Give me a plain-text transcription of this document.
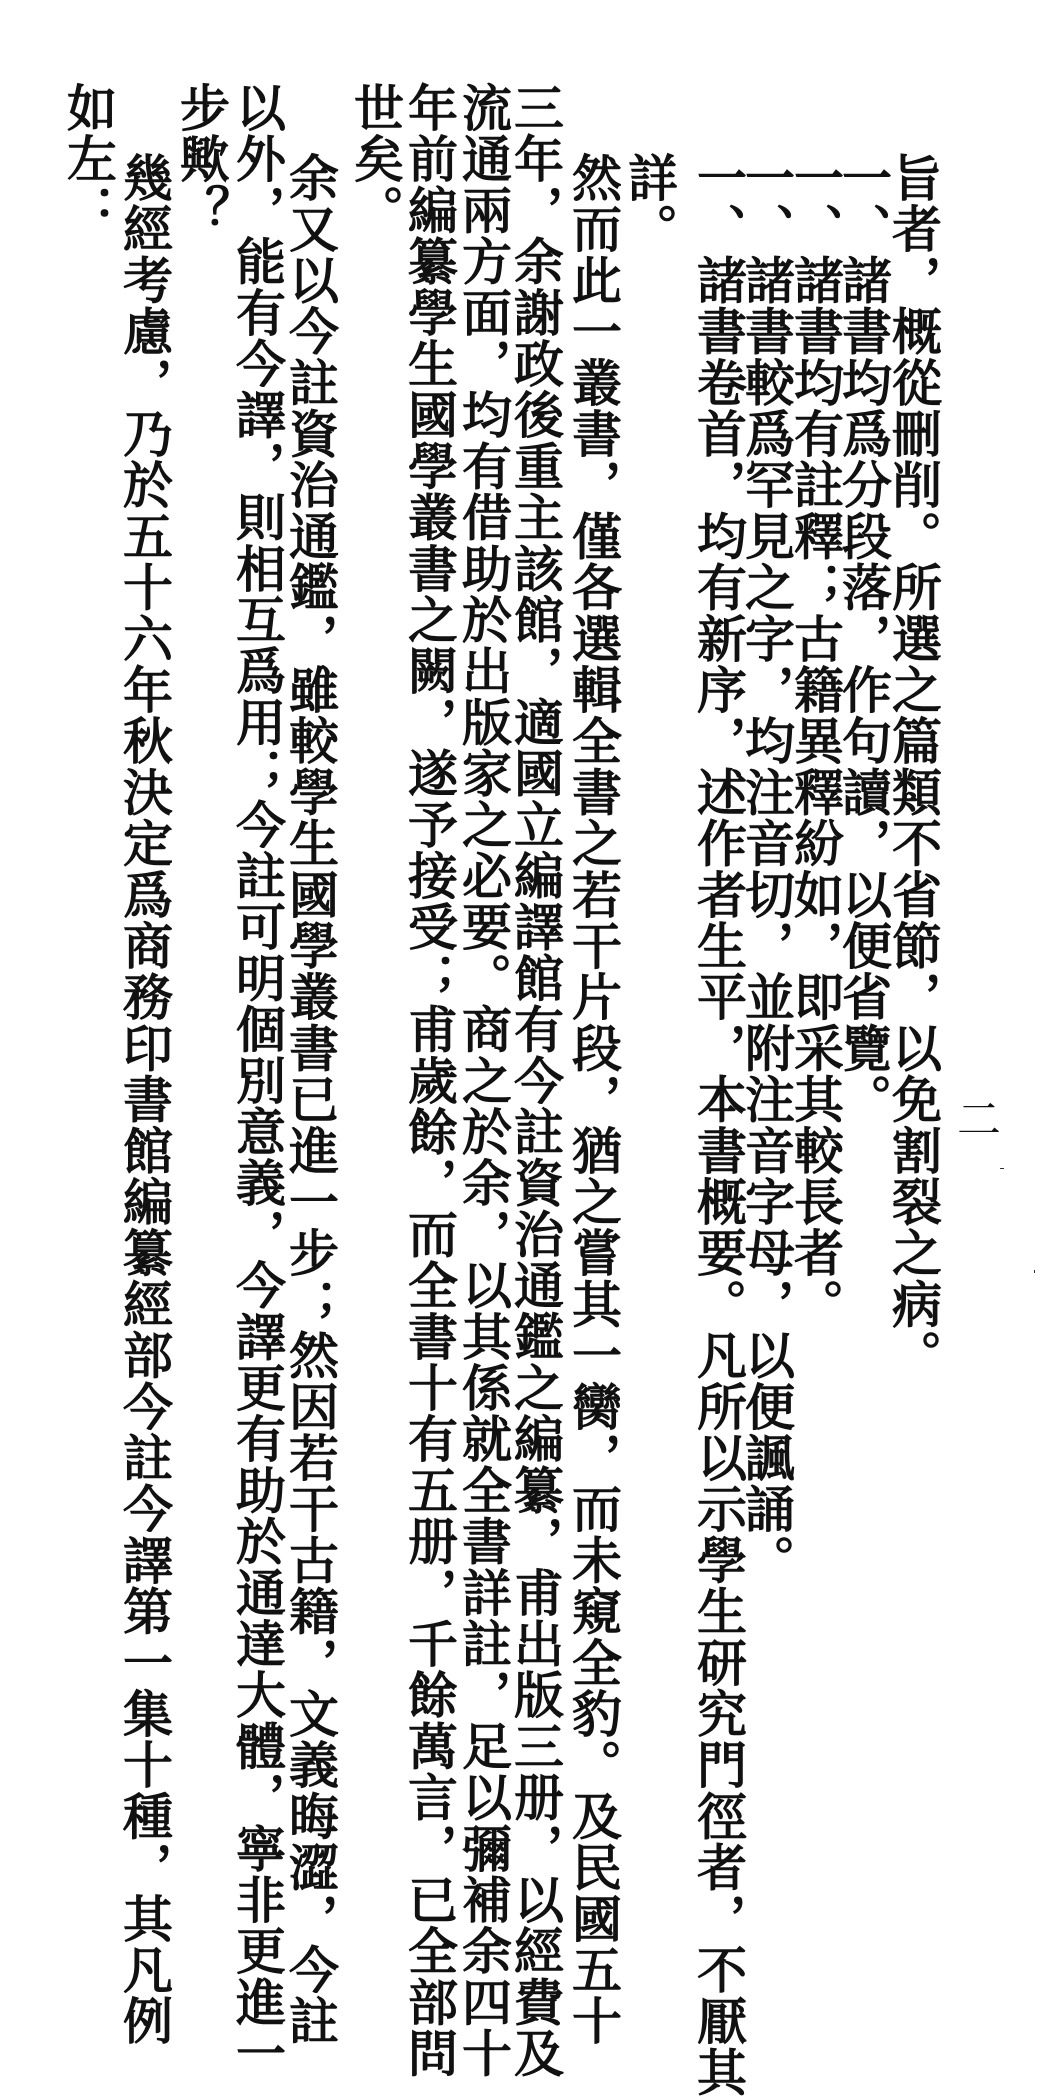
二
旨者，概從刪削。所選之篇類不省節，以免割裂之病。
一、諸書均爲分段落，作句讀，以便省覽。
一、諸書均有註釋；古籍異釋紛如，即采其較長者。
一、諸書較爲罕見之字，均注音切，並附注音字母，以便諷誦。
一、諸書卷首，均有新序，述作者生平，本書概要。凡所以示學生研究門徑者，不厭其
詳。
然而此一叢書，僅各選輯全書之若干片段，猶之嘗其一臠，而未窺全豹。及民國五十
三年，余謝政後重主該館，適國立編譯館有今註資治通鑑之編纂，甫出版三册，以經費及
流通兩方面，均有借助於出版家之必要。商之於余，以其係就全書詳註，足以彌補余四十
年前編纂學生國學叢書之闕，遂予接受；甫歲餘，而全書十有五册，千餘萬言，已全部問
世矣。
余又以今註資治通鑑，雖較學生國學叢書已進一步；然因若干古籍，文義晦澀，今註
以外，能有今譯，則相互爲用；今註可明個別意義，今譯更有助於通達大體，寧非更進一
步歟？
幾經考慮，乃於五十六年秋決定爲商務印書館編纂經部今註今譯第一集十種，其凡例
如左：
